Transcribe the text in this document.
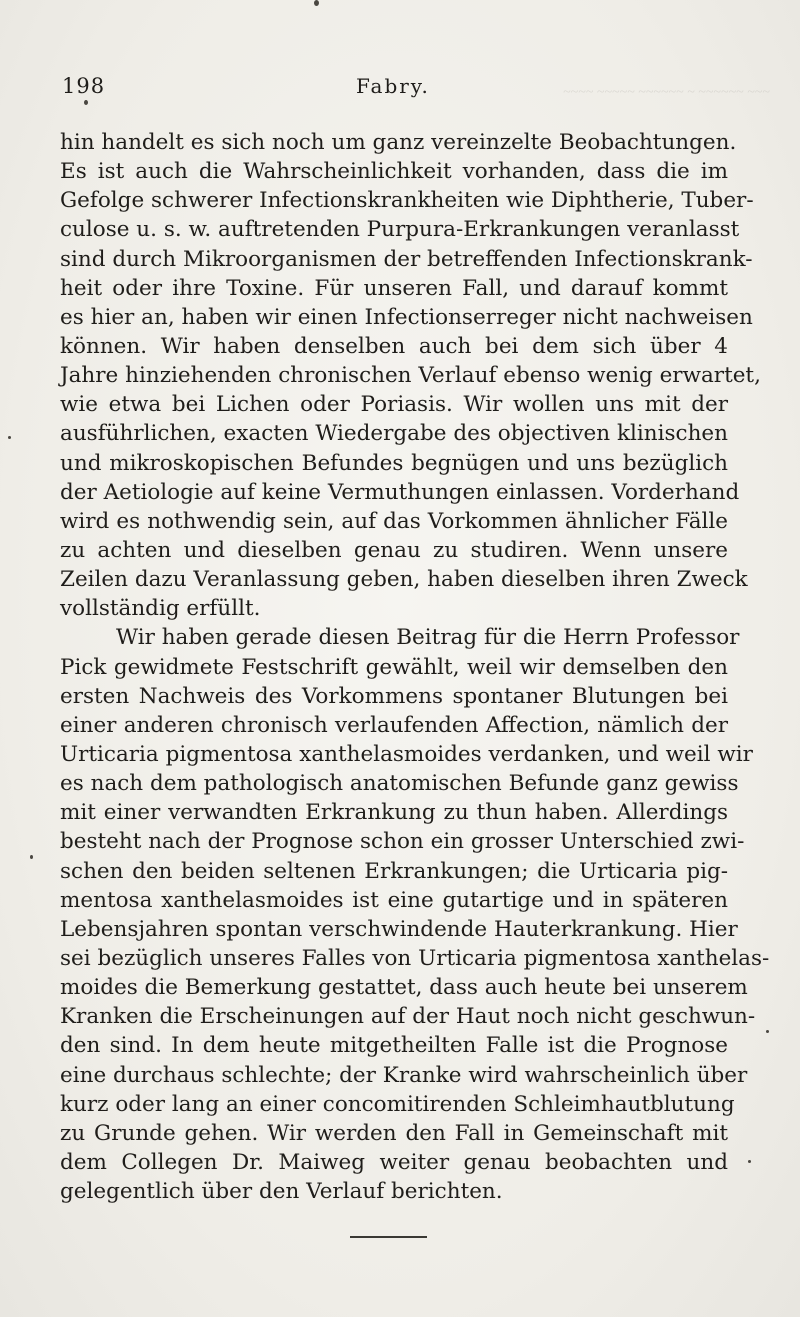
~~~ ~~~~~~ ~ ~~~~~~ ~~~~~ ~~~~
198	Fabry.
hin handelt es sich noch um ganz vereinzelte Beobachtungen.
Es ist auch die Wahrscheinlichkeit vorhanden, dass die im
Gefolge schwerer Infectionskrankheiten wie Diphtherie, Tuber-
culose u. s. w. auftretenden Purpura-Erkrankungen veranlasst
sind durch Mikroorganismen der betreffenden Infectionskrank-
heit oder ihre Toxine. Für unseren Fall, und darauf kommt
es hier an, haben wir einen Infectionserreger nicht nachweisen
können. Wir haben denselben auch bei dem sich über 4
Jahre hinziehenden chronischen Verlauf ebenso wenig erwartet,
wie etwa bei Lichen oder Poriasis. Wir wollen uns mit der
ausführlichen, exacten Wiedergabe des objectiven klinischen
und mikroskopischen Befundes begnügen und uns bezüglich
der Aetiologie auf keine Vermuthungen einlassen. Vorderhand
wird es nothwendig sein, auf das Vorkommen ähnlicher Fälle
zu achten und dieselben genau zu studiren. Wenn unsere
Zeilen dazu Veranlassung geben, haben dieselben ihren Zweck
vollständig erfüllt.
Wir haben gerade diesen Beitrag für die Herrn Professor
Pick gewidmete Festschrift gewählt, weil wir demselben den
ersten Nachweis des Vorkommens spontaner Blutungen bei
einer anderen chronisch verlaufenden Affection, nämlich der
Urticaria pigmentosa xanthelasmoides verdanken, und weil wir
es nach dem pathologisch anatomischen Befunde ganz gewiss
mit einer verwandten Erkrankung zu thun haben. Allerdings
besteht nach der Prognose schon ein grosser Unterschied zwi-
schen den beiden seltenen Erkrankungen; die Urticaria pig-
mentosa xanthelasmoides ist eine gutartige und in späteren
Lebensjahren spontan verschwindende Hauterkrankung. Hier
sei bezüglich unseres Falles von Urticaria pigmentosa xanthelas-
moides die Bemerkung gestattet, dass auch heute bei unserem
Kranken die Erscheinungen auf der Haut noch nicht geschwun-
den sind. In dem heute mitgetheilten Falle ist die Prognose
eine durchaus schlechte; der Kranke wird wahrscheinlich über
kurz oder lang an einer concomitirenden Schleimhautblutung
zu Grunde gehen. Wir werden den Fall in Gemeinschaft mit
dem Collegen Dr. Maiweg weiter genau beobachten und
gelegentlich über den Verlauf berichten.
